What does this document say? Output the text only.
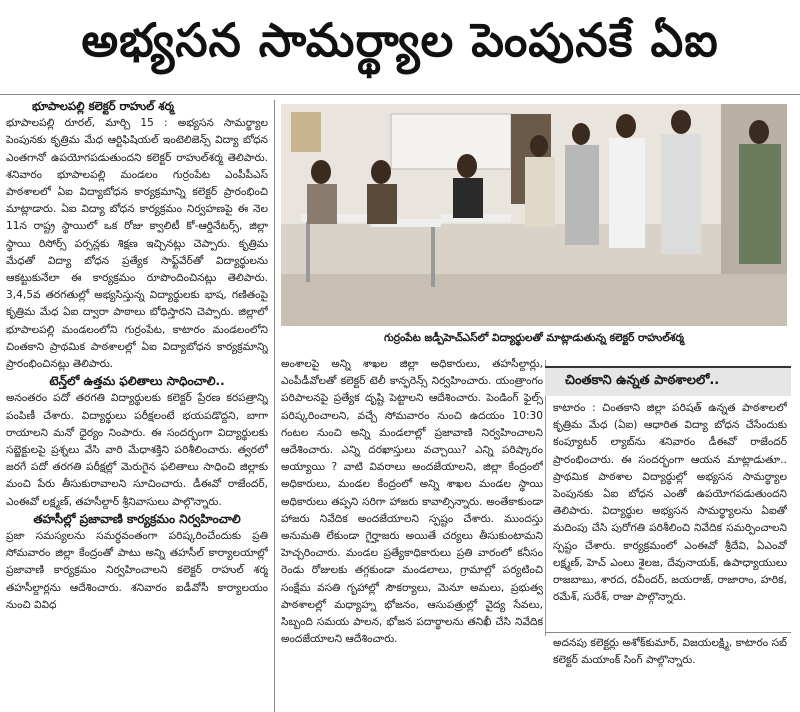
అభ్యసన సామర్థ్యాల పెంపునకే ఏఐ

భూపాలపల్లి కలెక్టర్ రాహుల్ శర్మ

భూపాలపల్లి రూరల్, మార్చి 15 : అభ్యసన సామర్థ్యాల పెంపునకు కృత్రిమ మేధ ఆర్టిఫిషియల్ ఇంటెలిజెన్స్ విద్యా బోధన ఎంతగానో ఉపయోగపడుతుందని కలెక్టర్ రాహుల్‌శర్మ తెలిపారు. శనివారం భూపాలపల్లి మండలం గుర్రంపేట ఎంపీపీఎస్ పాఠశాలలో ఏఐ విద్యాబోధన కార్యక్రమాన్ని కలెక్టర్ ప్రారంభించి మాట్లాడారు. ఏఐ విద్యా బోధన కార్యక్రమం నిర్వహణపై ఈ నెల 11న రాష్ట్ర స్థాయిలో ఒక రోజు క్వాలిటీ కో-ఆర్డినేటర్స్, జిల్లా స్థాయి రిసోర్స్ పర్సన్లకు శిక్షణ ఇచ్చినట్లు చెప్పారు. కృత్రిమ మేధతో విద్యా బోధన ప్రత్యేక సాఫ్ట్‌వేర్‌తో విద్యార్థులను ఆకట్టుకునేలా ఈ కార్యక్రమం రూపొందించినట్లు తెలిపారు. 3,4,5వ తరగతుల్లో అభ్యసిస్తున్న విద్యార్థులకు భాష, గణితంపై కృత్రిమ మేధ ఏఐ ద్వారా పాఠాలు బోధిస్తారని చెప్పారు. జిల్లాలో భూపాలపల్లి మండలంలోని గుర్రంపేట, కాటారం మండలంలోని చింతకాని ప్రాథమిక పాఠశాలల్లో ఏఐ విద్యాబోధన కార్యక్రమాన్ని ప్రారంభించినట్లు తెలిపారు.

టెన్త్‌లో ఉత్తమ ఫలితాలు సాధించాలి..

అనంతరం పదో తరగతి విద్యార్థులకు కలెక్టర్ ప్రేరణ కరపత్రాన్ని పంపిణీ చేశారు. విద్యార్థులు పరీక్షలంటే భయపడొద్దని, బాగా రాయాలని మనో ధైర్యం నింపారు. ఈ సందర్భంగా విద్యార్థులకు సబ్జెక్టులపై ప్రశ్నలు వేసి వారి మేధాశక్తిని పరిశీలించారు. త్వరలో జరగే పదో తరగతి పరీక్షల్లో మెరుగైన ఫలితాలు సాధించి జిల్లాకు మంచి పేరు తీసుకురావాలని సూచించారు. డీఈవో రాజేందర్, ఎంఈవో లక్ష్మణ్, తహసీల్దార్ శ్రీనివాసులు పాల్గొన్నారు.

తహసీల్లో ప్రజావాణి కార్యక్రమం నిర్వహించాలి

ప్రజా సమస్యలను సమర్ధవంతంగా పరిష్కరించేందుకు ప్రతి సోమవారం జిల్లా కేంద్రంతో పాటు అన్ని తహసీల్ కార్యాలయాల్లో ప్రజావాణి కార్యక్రమం నిర్వహించాలని కలెక్టర్ రాహుల్ శర్మ తహసీల్దార్లను ఆదేశించారు. శనివారం ఐడీవోసీ కార్యాలయం నుంచి వివిధ

గుర్రంపేట జడ్పీహెచ్ఎస్‌లో విద్యార్థులతో మాట్లాడుతున్న కలెక్టర్ రాహుల్‌శర్మ

అంశాలపై అన్ని శాఖల జిల్లా అధికారులు, తహసీల్దార్లు, ఎంపీడీవోలతో కలెక్టర్ టెలీ కాన్ఫరెన్స్ నిర్వహించారు. యంత్రాంగం పరిపాలనపై ప్రత్యేక దృష్టి పెట్టాలని ఆదేశించారు. పెండింగ్ ఫైల్స్ పరిష్కరించాలని, వచ్చే సోమవారం నుంచి ఉదయం 10:30 గంటల నుంచి అన్ని మండలాల్లో ప్రజావాణి నిర్వహించాలని ఆదేశించారు. ఎన్ని దరఖాస్తులు వచ్చాయి? ఎన్ని పరిష్కారం అయ్యాయి ? వాటి వివరాలు అందజేయాలని, జిల్లా కేంద్రంలో అధికారులు, మండల కేంద్రంలో అన్ని శాఖల మండల స్థాయి అధికారులు తప్పని సరిగా హాజరు కావాల్సిన్నారు. అంతేకాకుండా హాజరు నివేదిక అందజేయాలని స్పష్టం చేశారు. ముందస్తు అనుమతి లేకుండా గైర్హాజరు అయితే చర్యలు తీసుకుంటామని హెచ్చరించారు. మండల ప్రత్యేకాధికారులు ప్రతి వారంలో కనీసం రెండు రోజులకు తగ్గకుండా మండలాలు, గ్రామాల్లో పర్యటించి సంక్షేమ వసతి గృహాల్లో సౌకర్యాలు, మెనూ అమలు, ప్రభుత్వ పాఠశాలల్లో మధ్యాహ్న భోజనం, ఆసుపత్రుల్లో వైద్య సేవలు, సిబ్బంది సమయ పాలన, భోజన పదార్థాలను తనిఖీ చేసి నివేదిక అందజేయాలని ఆదేశించారు.

చింతకాని ఉన్నత పాఠశాలలో..

కాటారం : చింతకాని జిల్లా పరిషత్ ఉన్నత పాఠశాలలో కృత్రిమ మేధ (ఏఐ) ఆధారిత విద్యా బోధన చేసేందుకు కంప్యూటర్ ల్యాబ్‌ను శనివారం డీఈవో రాజేందర్ ప్రారంభించారు. ఈ సందర్భంగా ఆయన మాట్లాడుతూ.. ప్రాథమిక పాఠశాల విద్యార్థుల్లో అభ్యసన సామర్థ్యాల పెంపునకు ఏఐ బోధన ఎంతో ఉపయోగపడుతుందని తెలిపారు. విద్యార్థుల అభ్యసన సామర్థ్యాలను ఏఐతో మదింపు చేసి పురోగతి పరిశీలించి నివేదిక సమర్పించాలని స్పష్టం చేశారు. కార్యక్రమంలో ఎంఈవో శ్రీదేవి, ఏఎంవో లక్ష్మణ్, హెచ్ ఎంలు శైలజ, దేవునాయక్, ఉపాధ్యాయులు రాజబాబు, శారద, రవీందర్, జయరాజ్, రాజారాం, హరిక, రమేశ్, సురేశ్, రాజు పాల్గొన్నారు.

అదనపు కలెక్టర్లు అశోక్‌కుమార్, విజయలక్ష్మి, కాటారం సబ్ కలెక్టర్ మయాంక్ సింగ్ పాల్గొన్నారు.
